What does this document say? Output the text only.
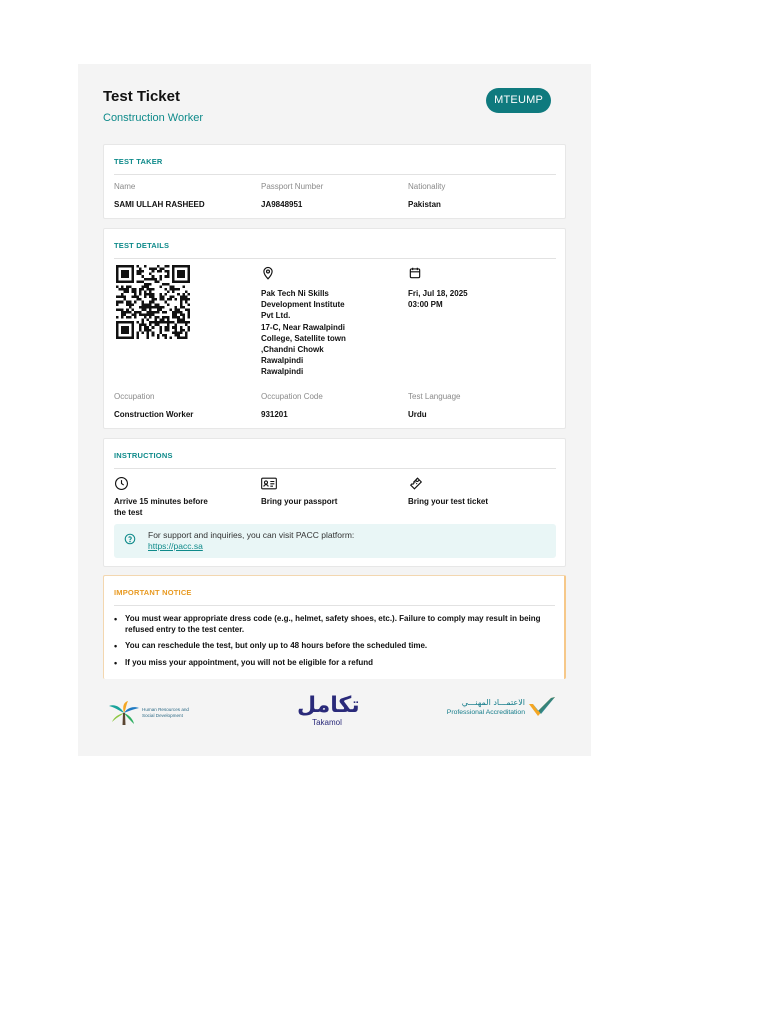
Test Ticket
Construction Worker
MTEUMP
TEST TAKER
Name
SAMI ULLAH RASHEED
Passport Number
JA9848951
Nationality
Pakistan
TEST DETAILS
Pak Tech Ni Skills
Development Institute
Pvt Ltd.
17-C, Near Rawalpindi
College, Satellite town
,Chandni Chowk
Rawalpindi
Rawalpindi
Fri, Jul 18, 2025
03:00 PM
Occupation
Construction Worker
Occupation Code
931201
Test Language
Urdu
INSTRUCTIONS
Arrive 15 minutes before
the test
Bring your passport	Bring your test ticket
For support and inquiries, you can visit PACC platform:
https://pacc.sa
IMPORTANT NOTICE
• You must wear appropriate dress code (e.g., helmet, safety shoes, etc.). Failure to comply may result in being refused entry to the test center.
• You can reschedule the test, but only up to 48 hours before the scheduled time.
• If you miss your appointment, you will not be eligible for a refund
Human Resources and
Social Development	تكامل
Takamol
الاعتمـــاد المهنـــي
Professional Accreditation
